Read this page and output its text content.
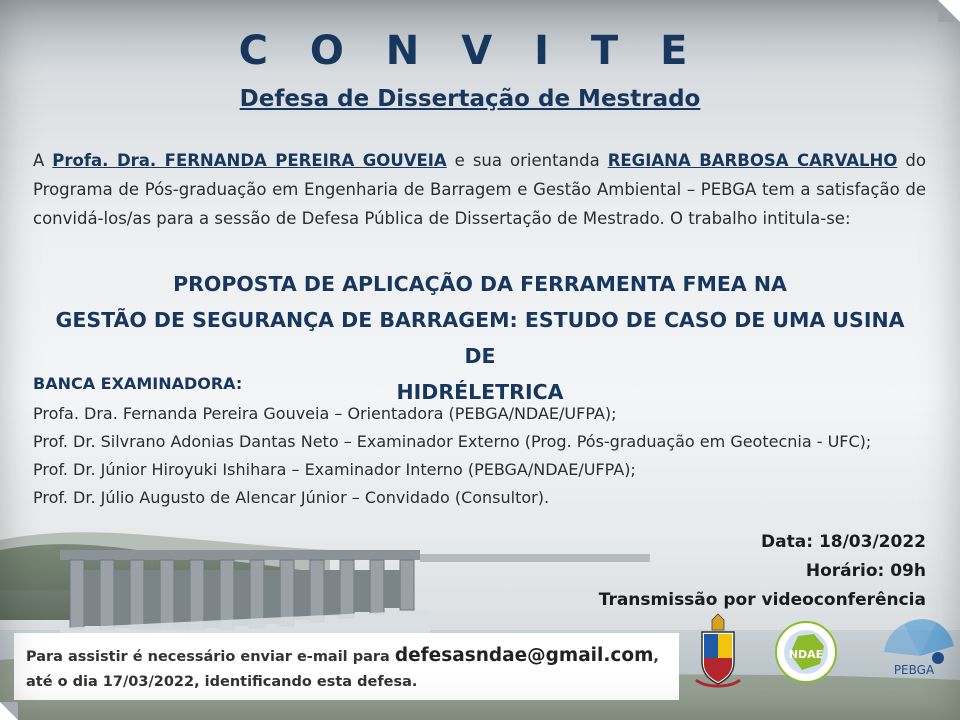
C O N V I T E
Defesa de Dissertação de Mestrado
A Profa. Dra. FERNANDA PEREIRA GOUVEIA e sua orientanda REGIANA BARBOSA CARVALHO do Programa de Pós-graduação em Engenharia de Barragem e Gestão Ambiental – PEBGA tem a satisfação de convidá-los/as para a sessão de Defesa Pública de Dissertação de Mestrado. O trabalho intitula-se:
PROPOSTA DE APLICAÇÃO DA FERRAMENTA FMEA NA
GESTÃO DE SEGURANÇA DE BARRAGEM: ESTUDO DE CASO DE UMA USINA DE
HIDRÉLETRICA
BANCA EXAMINADORA:
Profa. Dra. Fernanda Pereira Gouveia – Orientadora (PEBGA/NDAE/UFPA);
Prof. Dr. Silvrano Adonias Dantas Neto – Examinador Externo (Prog. Pós-graduação em Geotecnia - UFC);
Prof. Dr. Júnior Hiroyuki Ishihara – Examinador Interno (PEBGA/NDAE/UFPA);
Prof. Dr. Júlio Augusto de Alencar Júnior – Convidado (Consultor).
Data: 18/03/2022
Horário: 09h
Transmissão por videoconferência
Para assistir é necessário enviar e-mail para defesasndae@gmail.com,
até o dia 17/03/2022, identificando esta defesa.
NDAE
PEBGA
